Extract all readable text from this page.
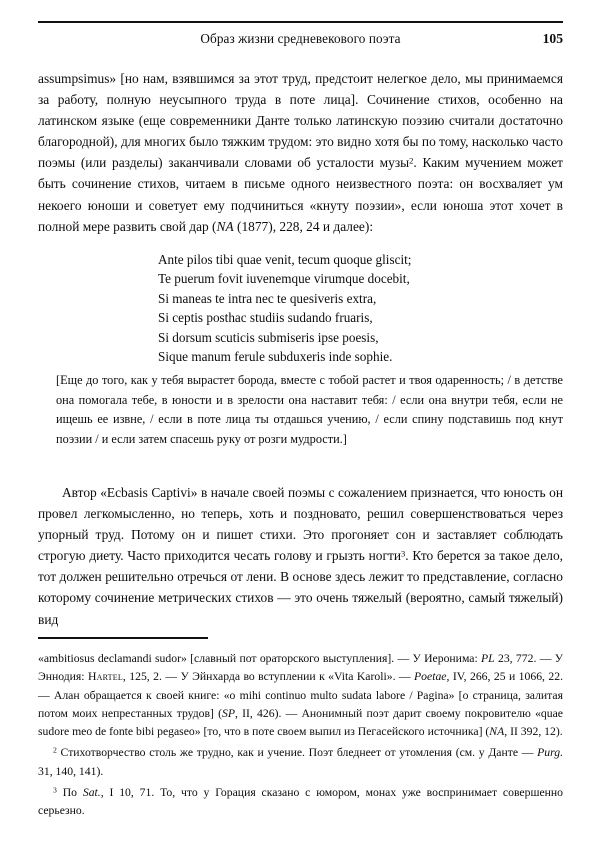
Образ жизни средневекового поэта	105

assumpsimus» [но нам, взявшимся за этот труд, предстоит нелегкое дело, мы принимаемся за работу, полную неусыпного труда в поте лица]. Сочинение стихов, особенно на латинском языке (еще современники Данте только латинскую поэзию считали достаточно благородной), для многих было тяжким трудом: это видно хотя бы по тому, насколько часто поэмы (или разделы) заканчивали словами об усталости музы$^2$. Каким мучением может быть сочинение стихов, читаем в письме одного неизвестного поэта: он восхваляет ум некоего юноши и советует ему подчиниться «кнуту поэзии», если юноша этот хочет в полной мере развить свой дар (NA (1877), 228, 24 и далее):

Ante pilos tibi quae venit, tecum quoque gliscit;
Te puerum fovit iuvenemque virumque docebit,
Si maneas te intra nec te quesiveris extra,
Si ceptis posthac studiis sudando fruaris,
Si dorsum scuticis submiseris ipse poesis,
Sique manum ferule subduxeris inde sophie.
[Еще до того, как у тебя вырастет борода, вместе с тобой растет и твоя одаренность; / в детстве она помогала тебе, в юности и в зрелости она наставит тебя: / если она внутри тебя, если не ищешь ее извне, / если в поте лица ты отдашься учению, / если спину подставишь под кнут поэзии / и если затем спасешь руку от розги мудрости.]

Автор «Ecbasis Captivi» в начале своей поэмы с сожалением признается, что юность он провел легкомысленно, но теперь, хоть и поздновато, решил совершенствоваться через упорный труд. Потому он и пишет стихи. Это прогоняет сон и заставляет соблюдать строгую диету. Часто приходится чесать голову и грызть ногти$^3$. Кто берется за такое дело, тот должен решительно отречься от лени. В основе здесь лежит то представление, согласно которому сочинение метрических стихов — это очень тяжелый (вероятно, самый тяжелый) вид

«ambitiosus declamandi sudor» [славный пот ораторского выступления]. — У Иеронима: PL 23, 772. — У Эннодия: Hartel, 125, 2. — У Эйнхарда во вступлении к «Vita Karoli». — Poetae, IV, 266, 25 и 1066, 22. — Алан обращается к своей книге: «o mihi continuo multo sudata labore / Pagina» [о страница, залитая потом моих непрестанных трудов] (SP, II, 426). — Анонимный поэт дарит своему покровителю «quae sudore meo de fonte bibi pegaseo» [то, что в поте своем выпил из Пегасейского источника] (NA, II 392, 12).

$^2$ Стихотворчество столь же трудно, как и учение. Поэт бледнеет от утомления (см. у Данте — Purg. 31, 140, 141).

$^3$ По Sat., I 10, 71. То, что у Горация сказано с юмором, монах уже воспринимает совершенно серьезно.
